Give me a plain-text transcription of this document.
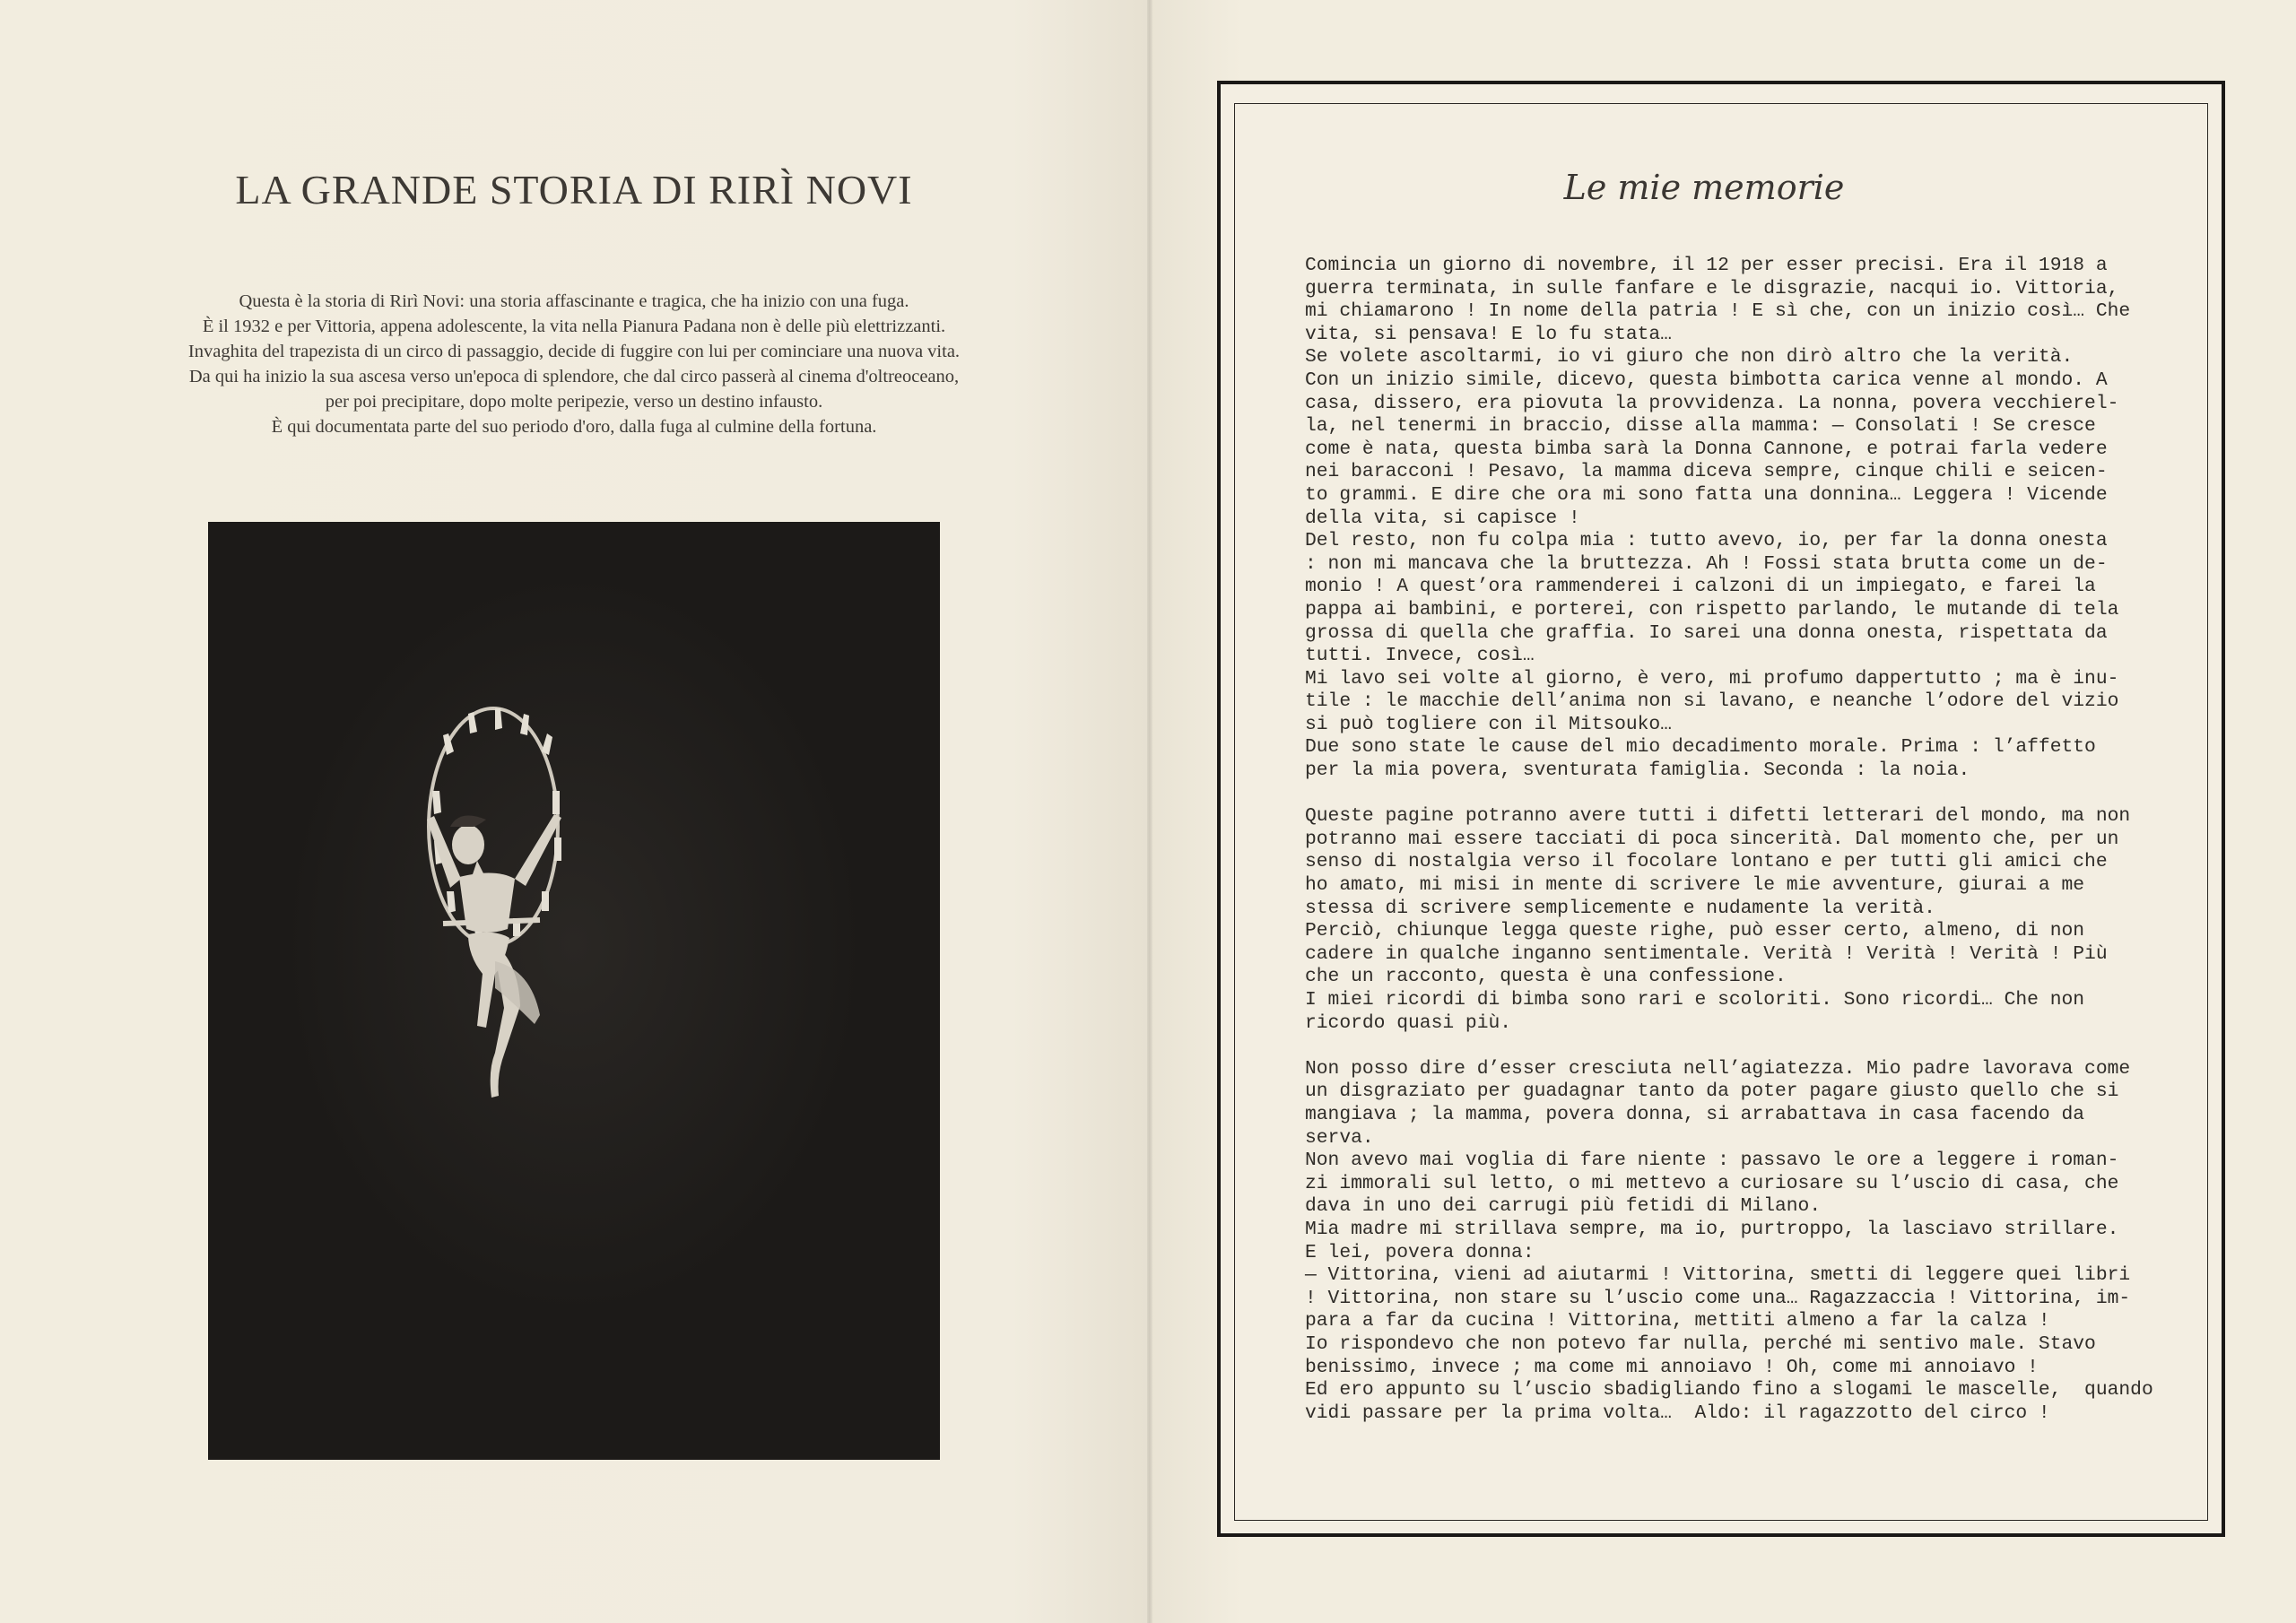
LA GRANDE STORIA DI RIRÌ NOVI

Questa è la storia di Rirì Novi: una storia affascinante e tragica, che ha inizio con una fuga.

È il 1932 e per Vittoria, appena adolescente, la vita nella Pianura Padana non è delle più elettrizzanti.

Invaghita del trapezista di un circo di passaggio, decide di fuggire con lui per cominciare una nuova vita.

Da qui ha inizio la sua ascesa verso un'epoca di splendore, che dal circo passerà al cinema d'oltreoceano,

per poi precipitare, dopo molte peripezie, verso un destino infausto.

È qui documentata parte del suo periodo d'oro, dalla fuga al culmine della fortuna.

Le mie memorie
Comincia un giorno di novembre, il 12 per esser precisi. Era il 1918 a
guerra terminata, in sulle fanfare e le disgrazie, nacqui io. Vittoria,
mi chiamarono ! In nome della patria ! E sì che, con un inizio così… Che
vita, si pensava! E lo fu stata…
Se volete ascoltarmi, io vi giuro che non dirò altro che la verità.
Con un inizio simile, dicevo, questa bimbotta carica venne al mondo. A
casa, dissero, era piovuta la provvidenza. La nonna, povera vecchierel-
la, nel tenermi in braccio, disse alla mamma: — Consolati ! Se cresce
come è nata, questa bimba sarà la Donna Cannone, e potrai farla vedere
nei baracconi ! Pesavo, la mamma diceva sempre, cinque chili e seicen-
to grammi. E dire che ora mi sono fatta una donnina… Leggera ! Vicende
della vita, si capisce !
Del resto, non fu colpa mia : tutto avevo, io, per far la donna onesta
: non mi mancava che la bruttezza. Ah ! Fossi stata brutta come un de-
monio ! A quest’ora rammenderei i calzoni di un impiegato, e farei la
pappa ai bambini, e porterei, con rispetto parlando, le mutande di tela
grossa di quella che graffia. Io sarei una donna onesta, rispettata da
tutti. Invece, così…
Mi lavo sei volte al giorno, è vero, mi profumo dappertutto ; ma è inu-
tile : le macchie dell’anima non si lavano, e neanche l’odore del vizio
si può togliere con il Mitsouko…
Due sono state le cause del mio decadimento morale. Prima : l’affetto
per la mia povera, sventurata famiglia. Seconda : la noia.
Queste pagine potranno avere tutti i difetti letterari del mondo, ma non
potranno mai essere tacciati di poca sincerità. Dal momento che, per un
senso di nostalgia verso il focolare lontano e per tutti gli amici che
ho amato, mi misi in mente di scrivere le mie avventure, giurai a me
stessa di scrivere semplicemente e nudamente la verità.
Perciò, chiunque legga queste righe, può esser certo, almeno, di non
cadere in qualche inganno sentimentale. Verità ! Verità ! Verità ! Più
che un racconto, questa è una confessione.
I miei ricordi di bimba sono rari e scoloriti. Sono ricordi… Che non
ricordo quasi più.
Non posso dire d’esser cresciuta nell’agiatezza. Mio padre lavorava come
un disgraziato per guadagnar tanto da poter pagare giusto quello che si
mangiava ; la mamma, povera donna, si arrabattava in casa facendo da
serva.
Non avevo mai voglia di fare niente : passavo le ore a leggere i roman-
zi immorali sul letto, o mi mettevo a curiosare su l’uscio di casa, che
dava in uno dei carrugi più fetidi di Milano.
Mia madre mi strillava sempre, ma io, purtroppo, la lasciavo strillare.
E lei, povera donna:
— Vittorina, vieni ad aiutarmi ! Vittorina, smetti di leggere quei libri
! Vittorina, non stare su l’uscio come una… Ragazzaccia ! Vittorina, im-
para a far da cucina ! Vittorina, mettiti almeno a far la calza !
Io rispondevo che non potevo far nulla, perché mi sentivo male. Stavo
benissimo, invece ; ma come mi annoiavo ! Oh, come mi annoiavo !
Ed ero appunto su l’uscio sbadigliando fino a slogami le mascelle,  quando
vidi passare per la prima volta…  Aldo: il ragazzotto del circo !
